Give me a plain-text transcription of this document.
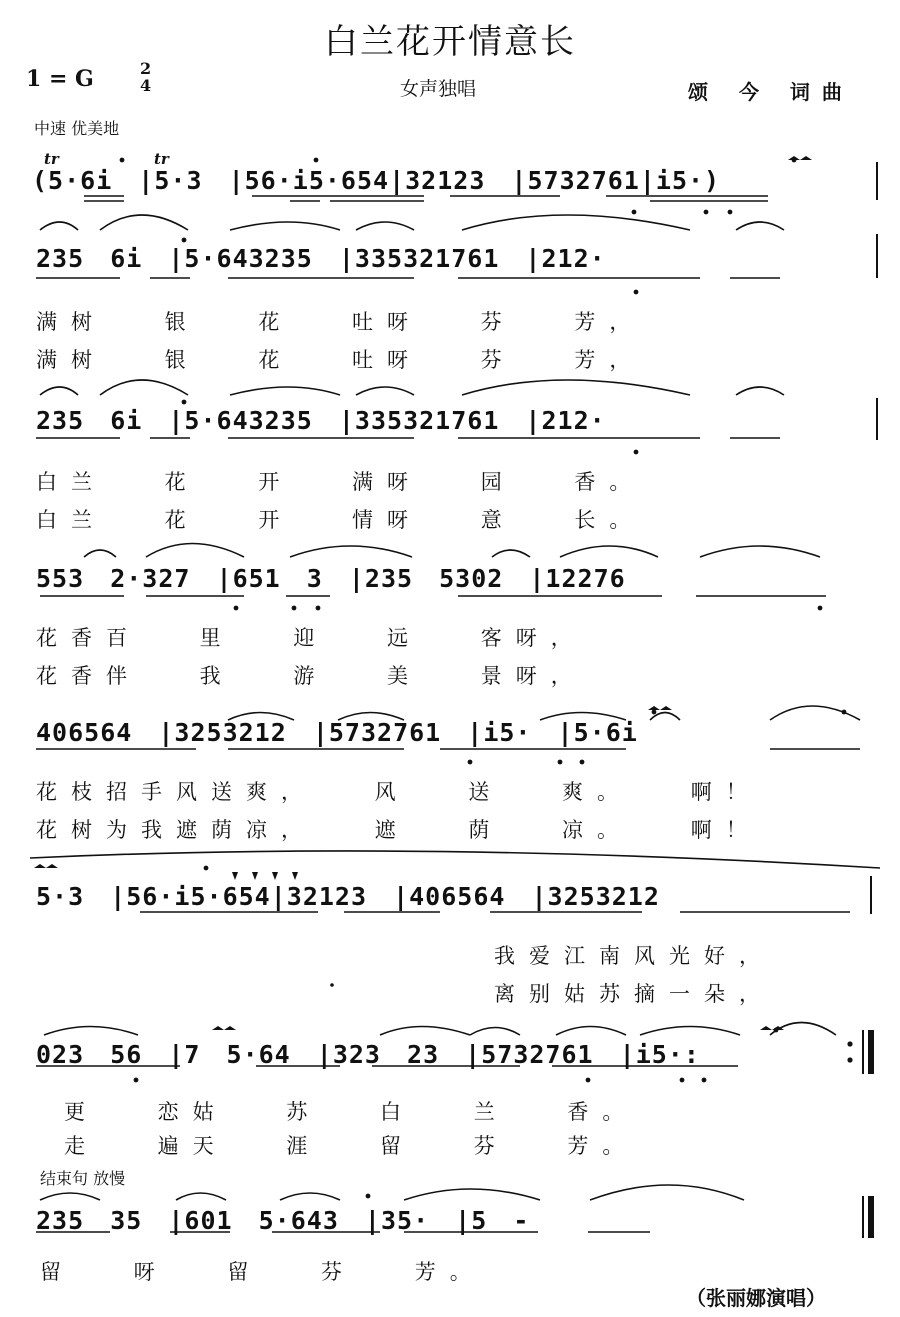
白兰花开情意长
1 = G	2
4	女声独唱	颂 今 词曲
中速 优美地
tr	tr
(5·6i |5·3 |56·i5·654|32123 |5732761|i5·)
235 6i |5·643235 |335321761 |212·
满树 银 花 吐呀 芬 芳，
满树 银 花 吐呀 芬 芳，
235 6i |5·643235 |335321761 |212·
白兰 花 开 满呀 园 香。
白兰 花 开 情呀 意 长。
553 2·327 |651 3 |235 5302 |12276
花香百 里 迎 远 客呀，
花香伴 我 游 美 景呀，
406564 |3253212 |5732761 |i5· |5·6i
花枝招手风送爽， 风 送 爽。 啊！
花树为我遮荫凉， 遮 荫 凉。 啊！
5·3 |56·i5·654|32123 |406564 |3253212
我爱江南风光好，
离别姑苏摘一朵，
023 56 |7 5·64 |323 23 |5732761 |i5·:
更 恋姑 苏 白 兰 香。
走 遍天 涯 留 芬 芳。
结束句 放慢
235 35 |601 5·643 |35· |5 -
留 呀 留 芬 芳。
（张丽娜演唱）
